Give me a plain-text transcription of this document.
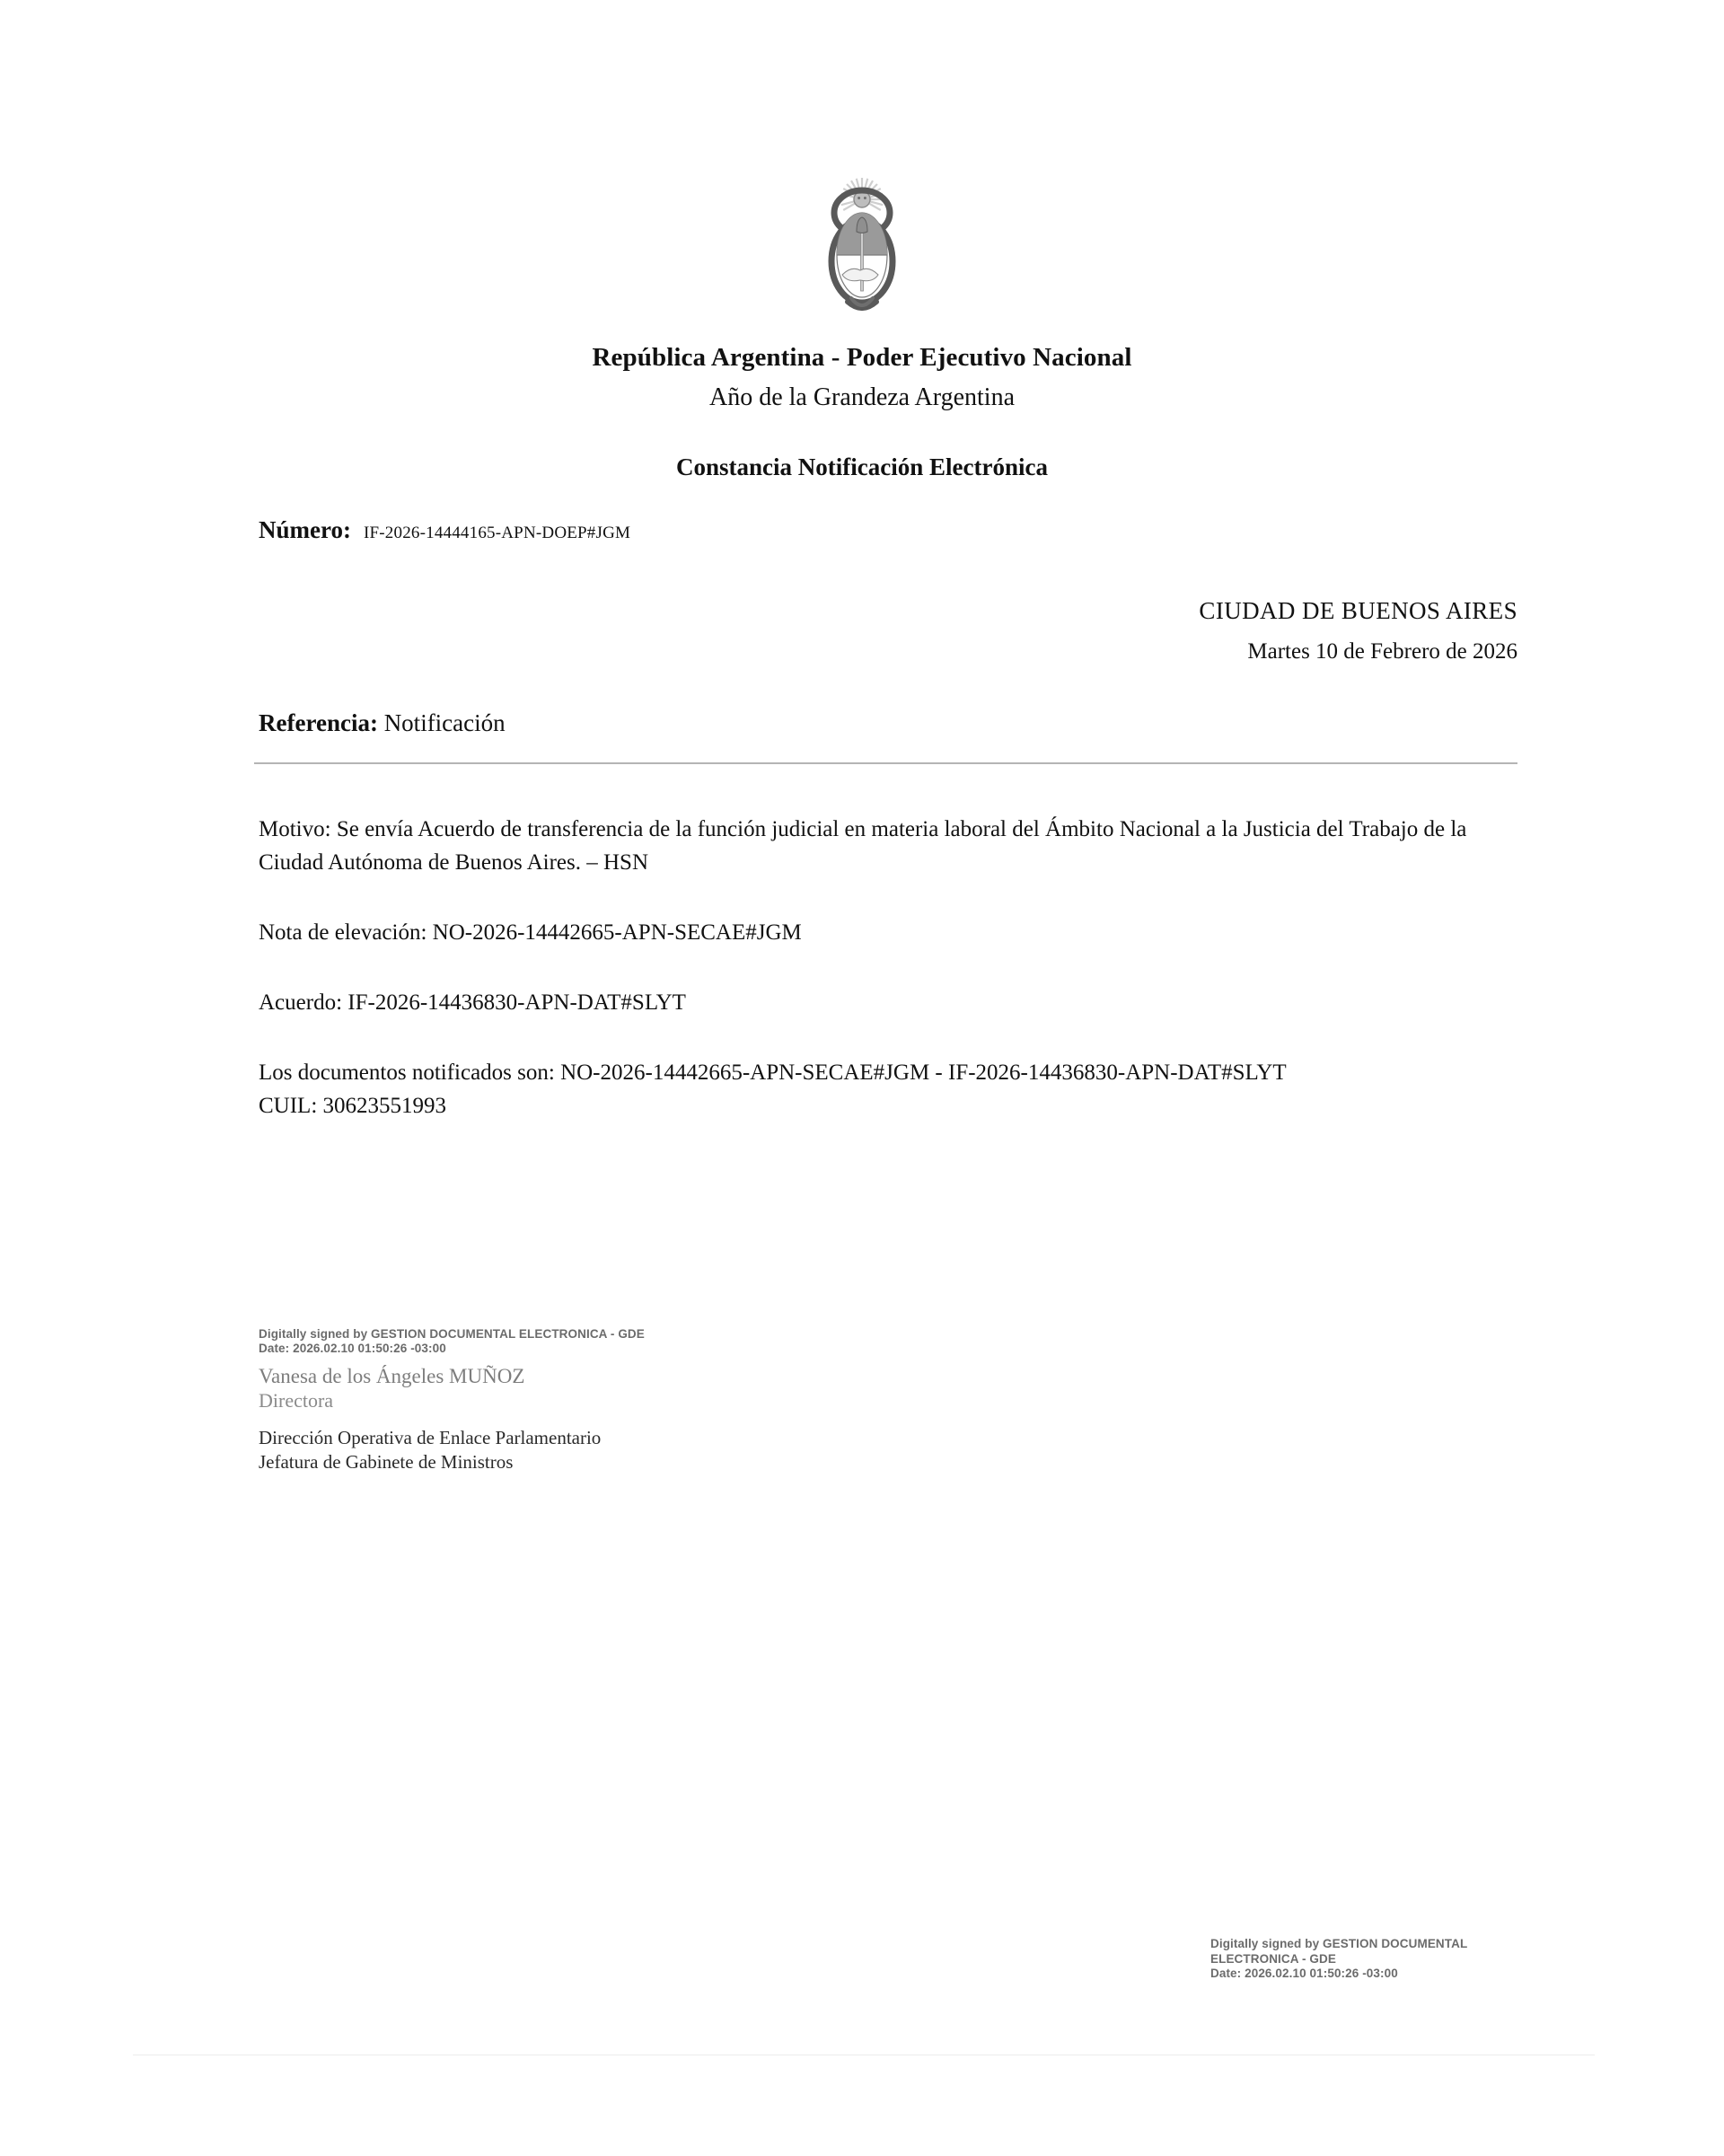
República Argentina - Poder Ejecutivo Nacional
Año de la Grandeza Argentina
Constancia Notificación Electrónica
Número: IF-2026-14444165-APN-DOEP#JGM
CIUDAD DE BUENOS AIRES
Martes 10 de Febrero de 2026
Referencia: Notificación

Motivo: Se envía Acuerdo de transferencia de la función judicial en materia laboral del Ámbito Nacional a la Justicia del Trabajo de la Ciudad Autónoma de Buenos Aires. – HSN

Nota de elevación: NO-2026-14442665-APN-SECAE#JGM

Acuerdo: IF-2026-14436830-APN-DAT#SLYT

Los documentos notificados son: NO-2026-14442665-APN-SECAE#JGM - IF-2026-14436830-APN-DAT#SLYT

CUIL: 30623551993

Digitally signed by GESTION DOCUMENTAL ELECTRONICA - GDE
Date: 2026.02.10 01:50:26 -03:00
Vanesa de los Ángeles MUÑOZ
Directora
Dirección Operativa de Enlace Parlamentario
Jefatura de Gabinete de Ministros
Digitally signed by GESTION DOCUMENTAL
ELECTRONICA - GDE
Date: 2026.02.10 01:50:26 -03:00
